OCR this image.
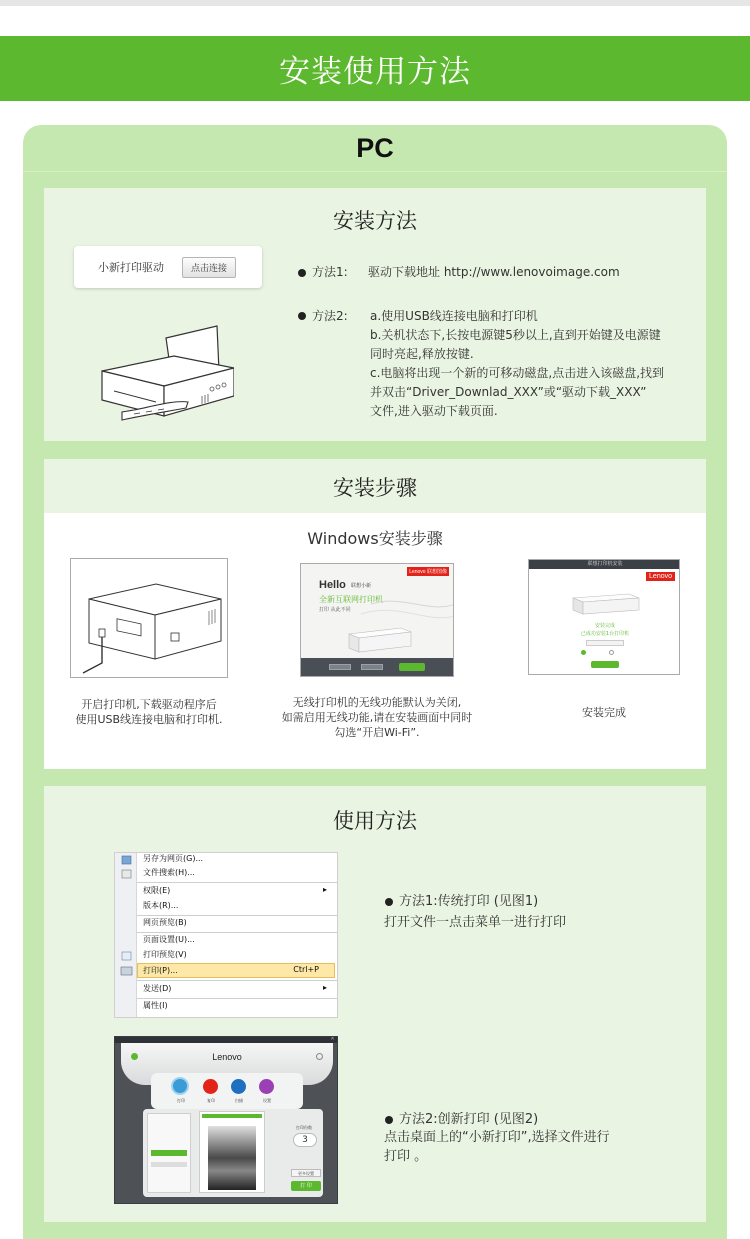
安装使用方法
PC
安装方法
小新打印驱动	点击连接	方法1: 驱动下载地址 http://www.lenovoimage.com
方法2: a.使用USB线连接电脑和打印机
b.关机状态下,长按电源键5秒以上,直到开始键及电源键
同时亮起,释放按键.
c.电脑将出现一个新的可移动磁盘,点击进入该磁盘,找到
并双击“Driver_Downlad_XXX”或“驱动下载_XXX”
文件,进入驱动下载页面.
安装步骤
Windows安装步骤
Lenovo 联想图像
Hello 联想小新
全新互联网打印机
打印 从此不同
联想打印机安装
Lenovo
安装完成
已成功安装1台打印机
开启打印机,下载驱动程序后
使用USB线连接电脑和打印机.
无线打印机的无线功能默认为关闭,
如需启用无线功能,请在安装画面中同时
勾选“开启Wi-Fi”.
安装完成
使用方法
另存为网页(G)...
文件搜索(H)...
权限(E)	▸
版本(R)...
网页预览(B)
页面设置(U)...
打印预览(V)
打印(P)...	Ctrl+P
发送(D)	▸
属性(I)
方法1:传统打印 (见图1)
打开文件一点击菜单一进行打印
×
Lenovo
打印	复印	扫描	设置
打印份数
3
更多设置
打 印
方法2:创新打印 (见图2)
点击桌面上的“小新打印”,选择文件进行
打印 。
